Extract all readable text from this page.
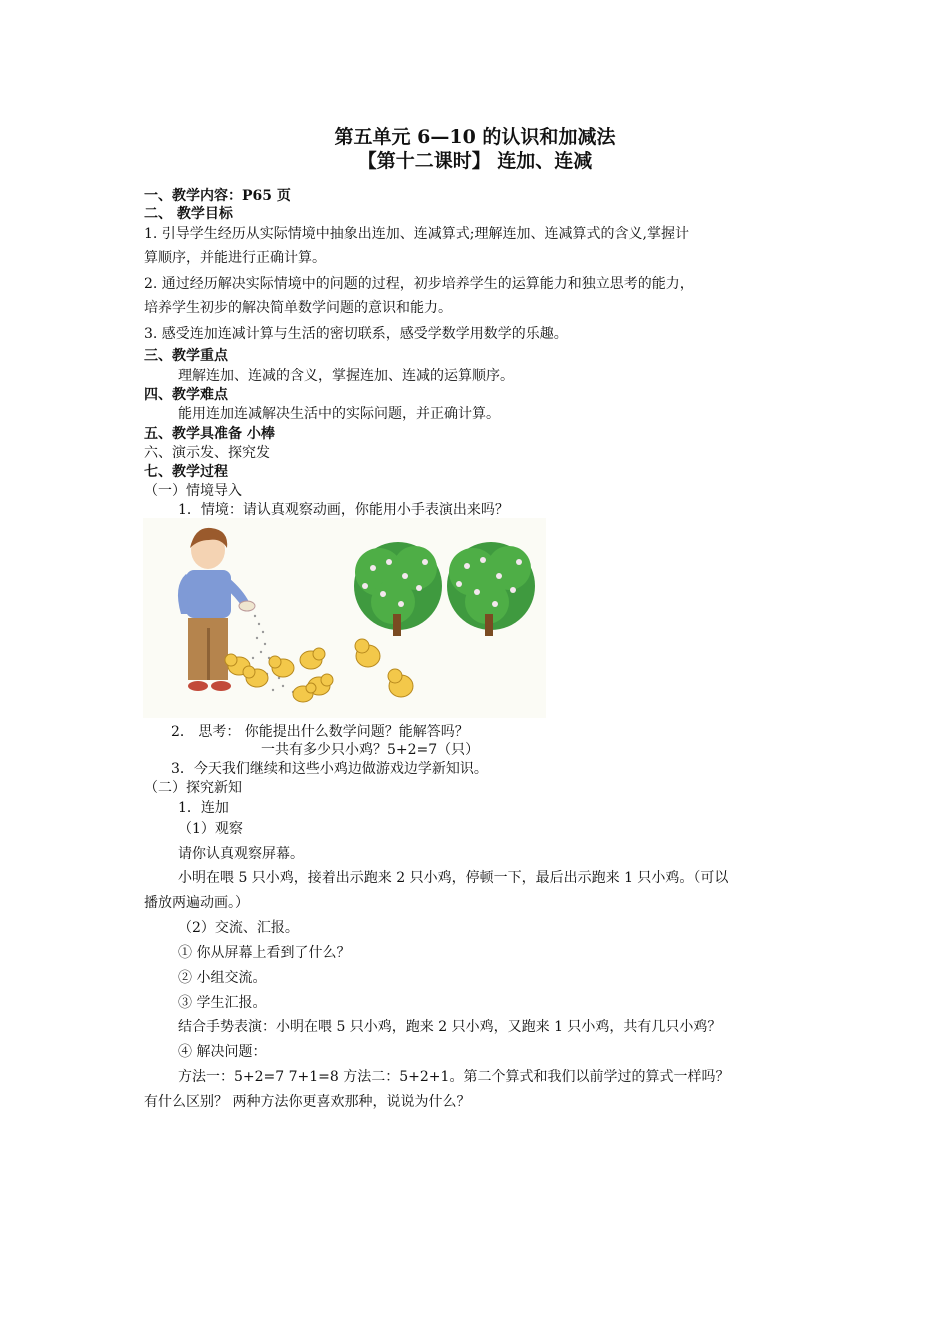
第五单元 6—10 的认识和加减法
【第十二课时】 连加、连减
一、教学内容：P65 页
二、 教学目标
1. 引导学生经历从实际情境中抽象出连加、连减算式;理解连加、连减算式的含义,掌握计
算顺序，并能进行正确计算。
2. 通过经历解决实际情境中的问题的过程，初步培养学生的运算能力和独立思考的能力，
培养学生初步的解决简单数学问题的意识和能力。
3. 感受连加连减计算与生活的密切联系，感受学数学用数学的乐趣。
三、教学重点
理解连加、连减的含义，掌握连加、连减的运算顺序。
四、教学难点
能用连加连减解决生活中的实际问题，并正确计算。
五、教学具准备 小棒
六、演示发、探究发
七、教学过程
（一）情境导入
1．情境：请认真观察动画，你能用小手表演出来吗？
2． 思考： 你能提出什么数学问题？能解答吗？
一共有多少只小鸡？5+2=7（只）
3．今天我们继续和这些小鸡边做游戏边学新知识。
（二）探究新知
1．连加
（1）观察
请你认真观察屏幕。
小明在喂 5 只小鸡，接着出示跑来 2 只小鸡，停顿一下，最后出示跑来 1 只小鸡。（可以
播放两遍动画。）
（2）交流、汇报。
① 你从屏幕上看到了什么？
② 小组交流。
③ 学生汇报。
结合手势表演：小明在喂 5 只小鸡，跑来 2 只小鸡，又跑来 1 只小鸡，共有几只小鸡？
④ 解决问题：
方法一：5+2=7 7+1=8 方法二：5+2+1。第二个算式和我们以前学过的算式一样吗？
有什么区别？ 两种方法你更喜欢那种，说说为什么？
